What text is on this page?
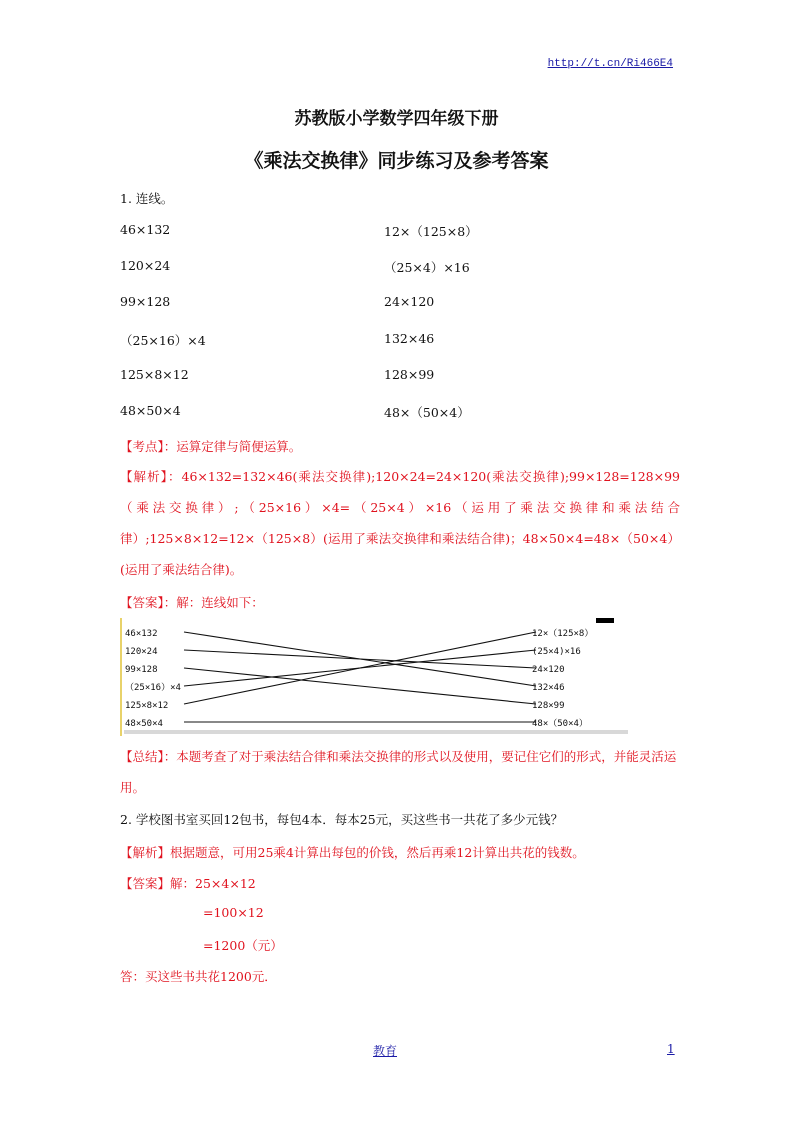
http://t.cn/Ri466E4
苏教版小学数学四年级下册
《乘法交换律》同步练习及参考答案
1. 连线。
46×132
120×24
99×128
（25×16）×4
125×8×12
48×50×4
12×（125×8）
（25×4）×16
24×120
132×46
128×99
48×（50×4）
【考点】：运算定律与简便运算。
【解析】：46×132=132×46(乘法交换律);120×24=24×120(乘法交换律);99×128=128×99（乘法交换律）;（25×16）×4=（25×4）×16（运用了乘法交换律和乘法结合律）;125×8×12=12×（125×8）(运用了乘法交换律和乘法结合律)；48×50×4=48×（50×4）(运用了乘法结合律)。
【答案】：解：连线如下：
46×132
120×24
99×128
（25×16）×4
125×8×12
48×50×4
12×（125×8）
(25×4)×16
24×120
132×46
128×99
48×（50×4）
【总结】：本题考查了对于乘法结合律和乘法交换律的形式以及使用，要记住它们的形式，并能灵活运用。
2. 学校图书室买回12包书，每包4本．每本25元，买这些书一共花了多少元钱？
【解析】根据题意，可用25乘4计算出每包的价钱，然后再乘12计算出共花的钱数。
【答案】解：25×4×12
=100×12
=1200（元）
答：买这些书共花1200元．
教育	1
